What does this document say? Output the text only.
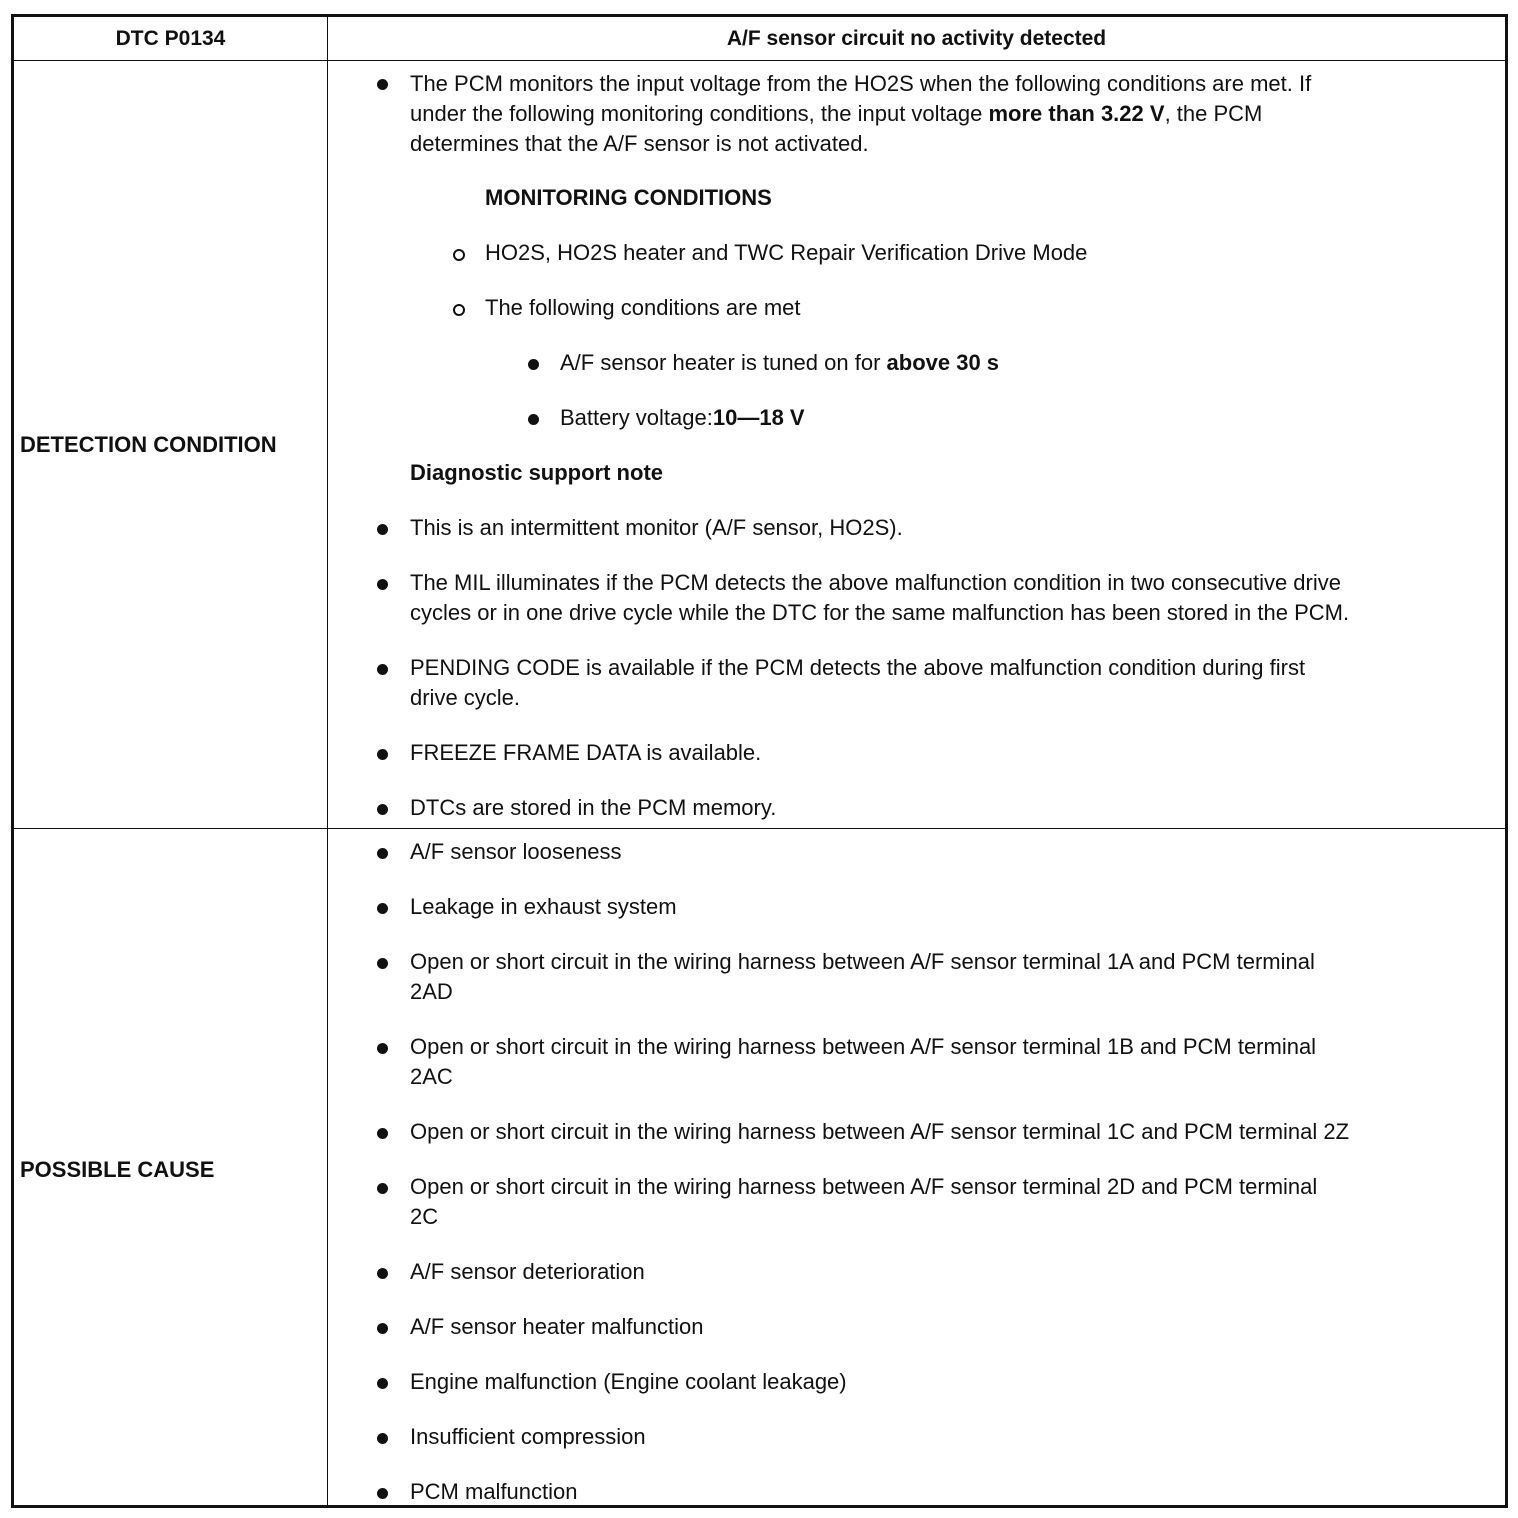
DTC P0134	A/F sensor circuit no activity detected
DETECTION CONDITION
The PCM monitors the input voltage from the HO2S when the following conditions are met. If
under the following monitoring conditions, the input voltage more than 3.22 V, the PCM
determines that the A/F sensor is not activated.
MONITORING CONDITIONS
HO2S, HO2S heater and TWC Repair Verification Drive Mode
The following conditions are met
A/F sensor heater is tuned on for above 30 s
Battery voltage:10—18 V
Diagnostic support note
This is an intermittent monitor (A/F sensor, HO2S).
The MIL illuminates if the PCM detects the above malfunction condition in two consecutive drive
cycles or in one drive cycle while the DTC for the same malfunction has been stored in the PCM.
PENDING CODE is available if the PCM detects the above malfunction condition during first
drive cycle.
FREEZE FRAME DATA is available.
DTCs are stored in the PCM memory.
POSSIBLE CAUSE
A/F sensor looseness
Leakage in exhaust system
Open or short circuit in the wiring harness between A/F sensor terminal 1A and PCM terminal
2AD
Open or short circuit in the wiring harness between A/F sensor terminal 1B and PCM terminal
2AC
Open or short circuit in the wiring harness between A/F sensor terminal 1C and PCM terminal 2Z
Open or short circuit in the wiring harness between A/F sensor terminal 2D and PCM terminal
2C
A/F sensor deterioration
A/F sensor heater malfunction
Engine malfunction (Engine coolant leakage)
Insufficient compression
PCM malfunction
